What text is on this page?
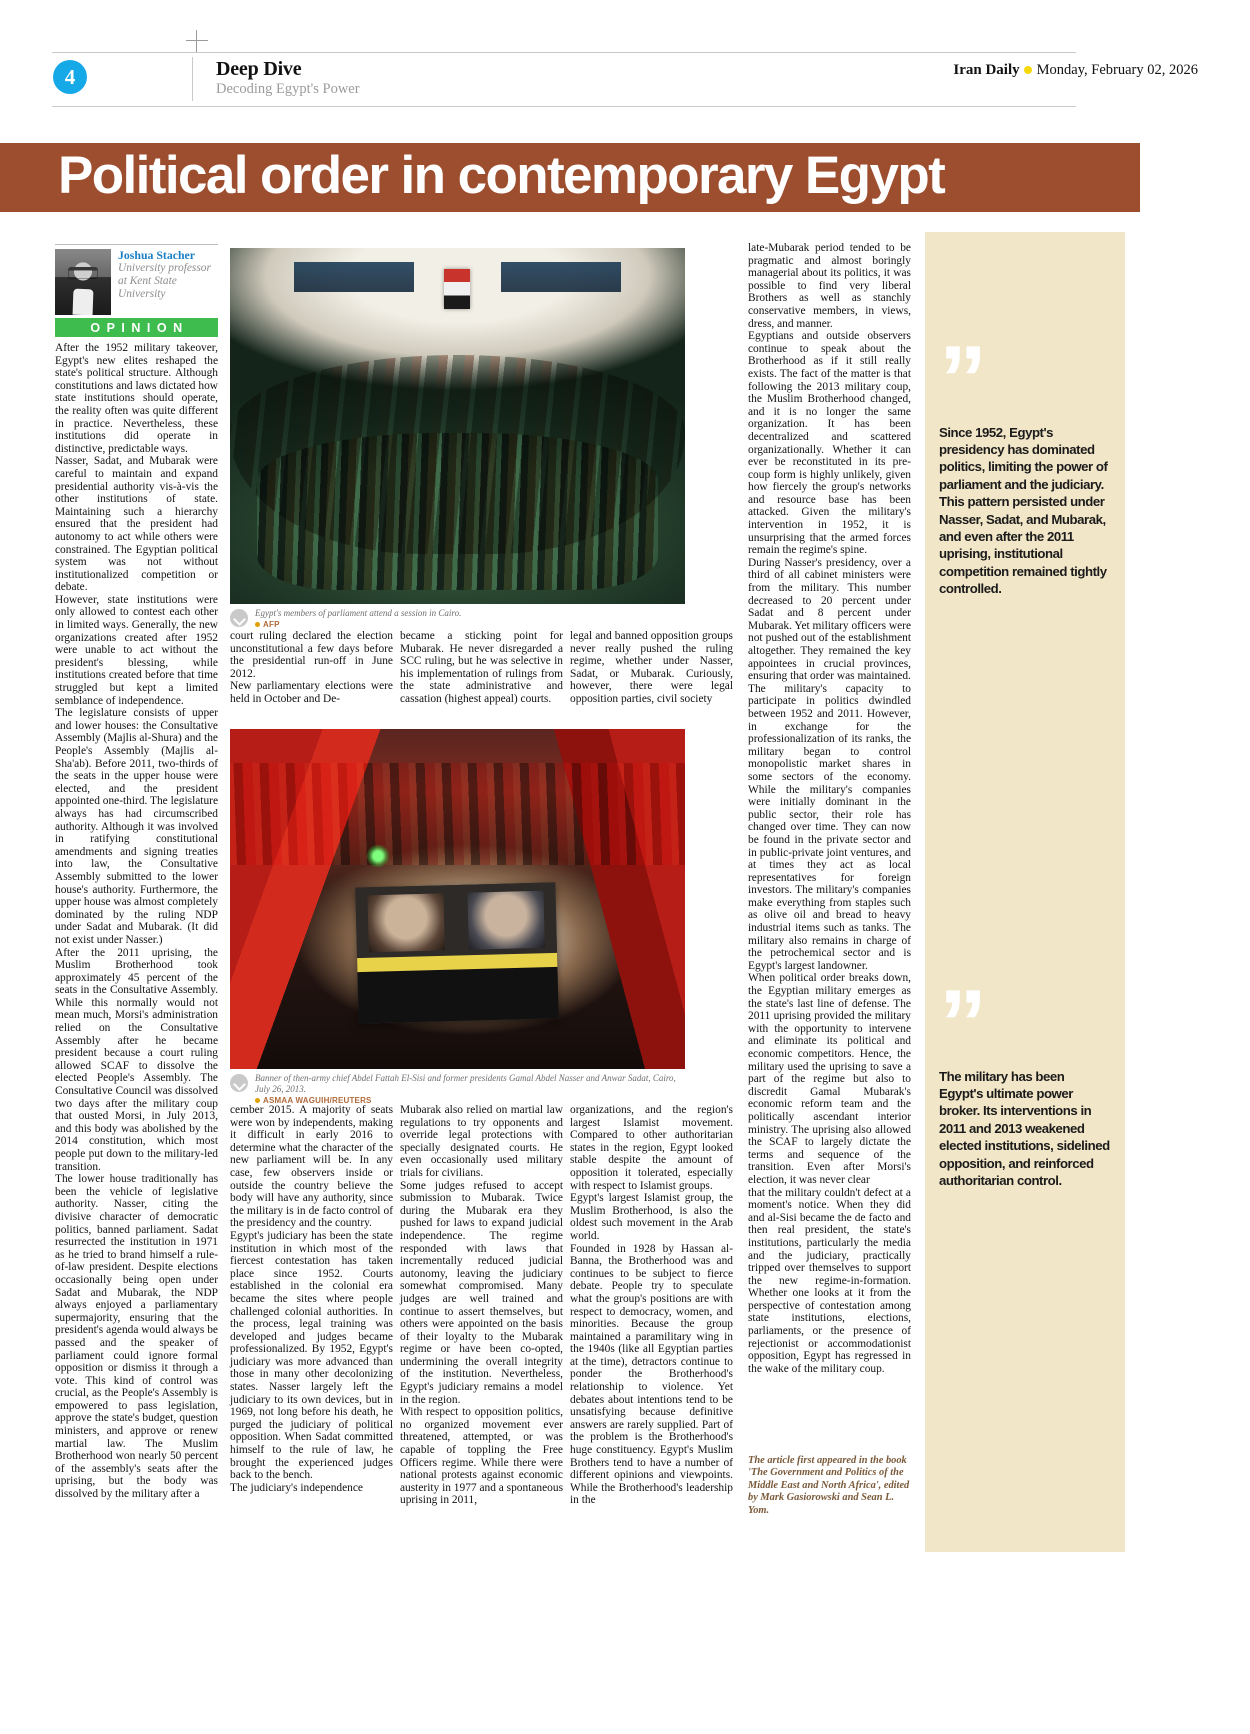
4	Deep Dive
Decoding Egypt's Power
Iran Daily Monday, February 02, 2026
Political order in contemporary Egypt
Joshua Stacher
University professor at Kent State University
OPINION
Egypt's members of parliament attend a session in Cairo.
AFP
Banner of then-army chief Abdel Fattah El-Sisi and former presidents Gamal Abdel Nasser and Anwar Sadat, Cairo, July 26, 2013.
ASMAA WAGUIH/REUTERS
”
Since 1952, Egypt's presidency has dominated politics, limiting the power of parliament and the judiciary. This pattern persisted under Nasser, Sadat, and Mubarak, and even after the 2011 uprising, institutional competition remained tightly controlled.
”
The military has been Egypt's ultimate power broker. Its interventions in 2011 and 2013 weakened elected institutions, sidelined opposition, and reinforced authoritarian control.

After the 1952 military takeover, Egypt's new elites reshaped the state's political structure. Although constitutions and laws dictated how state institutions should operate, the reality often was quite different in practice. Nevertheless, these institutions did operate in distinctive, predictable ways.

Nasser, Sadat, and Mubarak were careful to maintain and expand presidential authority vis-à-vis the other institutions of state. Maintaining such a hierarchy ensured that the president had autonomy to act while others were constrained. The Egyptian political system was not without institutionalized competition or debate.

However, state institutions were only allowed to contest each other in limited ways. Generally, the new organizations created after 1952 were unable to act without the president's blessing, while institutions created before that time struggled but kept a limited semblance of independence.

The legislature consists of upper and lower houses: the Consultative Assembly (Majlis al-Shura) and the People's Assembly (Majlis al-Sha'ab). Before 2011, two-thirds of the seats in the upper house were elected, and the president appointed one-third. The legislature always has had circumscribed authority. Although it was involved in ratifying constitutional amendments and signing treaties into law, the Consultative Assembly submitted to the lower house's authority. Furthermore, the upper house was almost completely dominated by the ruling NDP under Sadat and Mubarak. (It did not exist under Nasser.)

After the 2011 uprising, the Muslim Brotherhood took approximately 45 percent of the seats in the Consultative Assembly. While this normally would not mean much, Morsi's administration relied on the Consultative Assembly after he became president because a court ruling allowed SCAF to dissolve the elected People's Assembly. The Consultative Council was dissolved two days after the military coup that ousted Morsi, in July 2013, and this body was abolished by the 2014 constitution, which most people put down to the military-led transition.

The lower house traditionally has been the vehicle of legislative authority. Nasser, citing the divisive character of democratic politics, banned parliament. Sadat resurrected the institution in 1971 as he tried to brand himself a rule-of-law president. Despite elections occasionally being open under Sadat and Mubarak, the NDP always enjoyed a parliamentary supermajority, ensuring that the president's agenda would always be passed and the speaker of parliament could ignore formal opposition or dismiss it through a vote. This kind of control was crucial, as the People's Assembly is empowered to pass legislation, approve the state's budget, question ministers, and approve or renew martial law. The Muslim Brotherhood won nearly 50 percent of the assembly's seats after the uprising, but the body was dissolved by the military after a

court ruling declared the election unconstitutional a few days before the presidential run-off in June 2012.

New parliamentary elections were held in October and De-

cember 2015. A majority of seats were won by independents, making it difficult in early 2016 to determine what the character of the new parliament will be. In any case, few observers inside or outside the country believe the body will have any authority, since the military is in de facto control of the presidency and the country.

Egypt's judiciary has been the state institution in which most of the fiercest contestation has taken place since 1952. Courts established in the colonial era became the sites where people challenged colonial authorities. In the process, legal training was developed and judges became professionalized. By 1952, Egypt's judiciary was more advanced than those in many other decolonizing states. Nasser largely left the judiciary to its own devices, but in 1969, not long before his death, he purged the judiciary of political opposition. When Sadat committed himself to the rule of law, he brought the experienced judges back to the bench.

The judiciary's independence

became a sticking point for Mubarak. He never disregarded a SCC ruling, but he was selective in his implementation of rulings from the state administrative and cassation (highest appeal) courts.

Mubarak also relied on martial law regulations to try opponents and override legal protections with specially designated courts. He even occasionally used military trials for civilians.

Some judges refused to accept submission to Mubarak. Twice during the Mubarak era they pushed for laws to expand judicial independence. The regime responded with laws that incrementally reduced judicial autonomy, leaving the judiciary somewhat compromised. Many judges are well trained and continue to assert themselves, but others were appointed on the basis of their loyalty to the Mubarak regime or have been co-opted, undermining the overall integrity of the institution. Nevertheless, Egypt's judiciary remains a model in the region.

With respect to opposition politics, no organized movement ever threatened, attempted, or was capable of toppling the Free Officers regime. While there were national protests against economic austerity in 1977 and a spontaneous uprising in 2011,

legal and banned opposition groups never really pushed the ruling regime, whether under Nasser, Sadat, or Mubarak. Curiously, however, there were legal opposition parties, civil society

organizations, and the region's largest Islamist movement. Compared to other authoritarian states in the region, Egypt looked stable despite the amount of opposition it tolerated, especially with respect to Islamist groups.

Egypt's largest Islamist group, the Muslim Brotherhood, is also the oldest such movement in the Arab world.

Founded in 1928 by Hassan al-Banna, the Brotherhood was and continues to be subject to fierce debate. People try to speculate what the group's positions are with respect to democracy, women, and minorities. Because the group maintained a paramilitary wing in the 1940s (like all Egyptian parties at the time), detractors continue to ponder the Brotherhood's relationship to violence. Yet debates about intentions tend to be unsatisfying because definitive answers are rarely supplied. Part of the problem is the Brotherhood's huge constituency. Egypt's Muslim Brothers tend to have a number of different opinions and viewpoints. While the Brotherhood's leadership in the

late-Mubarak period tended to be pragmatic and almost boringly managerial about its politics, it was possible to find very liberal Brothers as well as stanchly conservative members, in views, dress, and manner.

Egyptians and outside observers continue to speak about the Brotherhood as if it still really exists. The fact of the matter is that following the 2013 military coup, the Muslim Brotherhood changed, and it is no longer the same organization. It has been decentralized and scattered organizationally. Whether it can ever be reconstituted in its pre-coup form is highly unlikely, given how fiercely the group's networks and resource base has been attacked. Given the military's intervention in 1952, it is unsurprising that the armed forces remain the regime's spine.

During Nasser's presidency, over a third of all cabinet ministers were from the military. This number decreased to 20 percent under Sadat and 8 percent under Mubarak. Yet military officers were not pushed out of the establishment altogether. They remained the key appointees in crucial provinces, ensuring that order was maintained.

The military's capacity to participate in politics dwindled between 1952 and 2011. However, in exchange for the professionalization of its ranks, the military began to control monopolistic market shares in some sectors of the economy. While the military's companies were initially dominant in the public sector, their role has changed over time. They can now be found in the private sector and in public-private joint ventures, and at times they act as local representatives for foreign investors. The military's companies make everything from staples such as olive oil and bread to heavy industrial items such as tanks. The military also remains in charge of the petrochemical sector and is Egypt's largest landowner.

When political order breaks down, the Egyptian military emerges as the state's last line of defense. The 2011 uprising provided the military with the opportunity to intervene and eliminate its political and economic competitors. Hence, the military used the uprising to save a part of the regime but also to discredit Gamal Mubarak's economic reform team and the politically ascendant interior ministry. The uprising also allowed the SCAF to largely dictate the terms and sequence of the transition. Even after Morsi's election, it was never clear

that the military couldn't defect at a moment's notice. When they did and al-Sisi became the de facto and then real president, the state's institutions, particularly the media and the judiciary, practically tripped over themselves to support the new regime-in-formation. Whether one looks at it from the perspective of contestation among state institutions, elections, parliaments, or the presence of rejectionist or accommodationist opposition, Egypt has regressed in the wake of the military coup.

The article first appeared in the book 'The Government and Politics of the Middle East and North Africa', edited by Mark Gasiorowski and Sean L. Yom.
